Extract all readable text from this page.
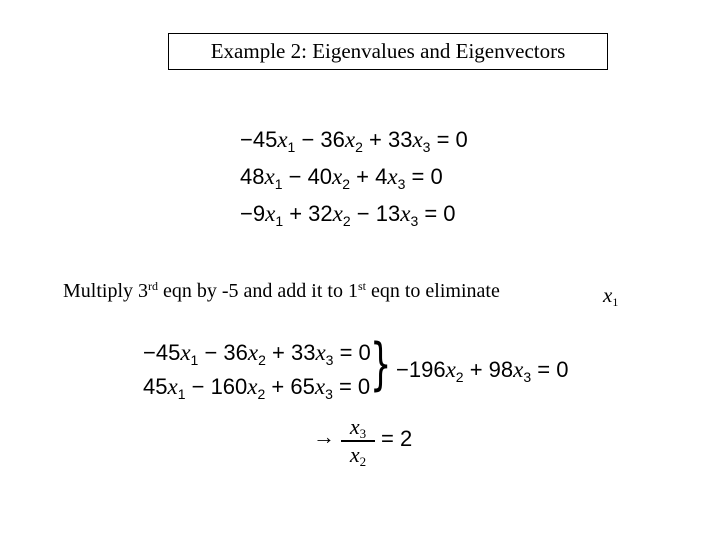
Example 2: Eigenvalues and Eigenvectors
$-45x_1 - 36x_2 + 33x_3 = 0$
$48x_1 - 40x_2 + 4x_3 = 0$
$-9x_1 + 32x_2 - 13x_3 = 0$
Multiply 3rd eqn by -5 and add it to 1st eqn to eliminate	$x_1$
$-45x_1 - 36x_2 + 33x_3 = 0$
$45x_1 - 160x_2 + 65x_3 = 0$ } $-196x_2 + 98x_3 = 0$
→ $x_3$
$x_2$
= 2
